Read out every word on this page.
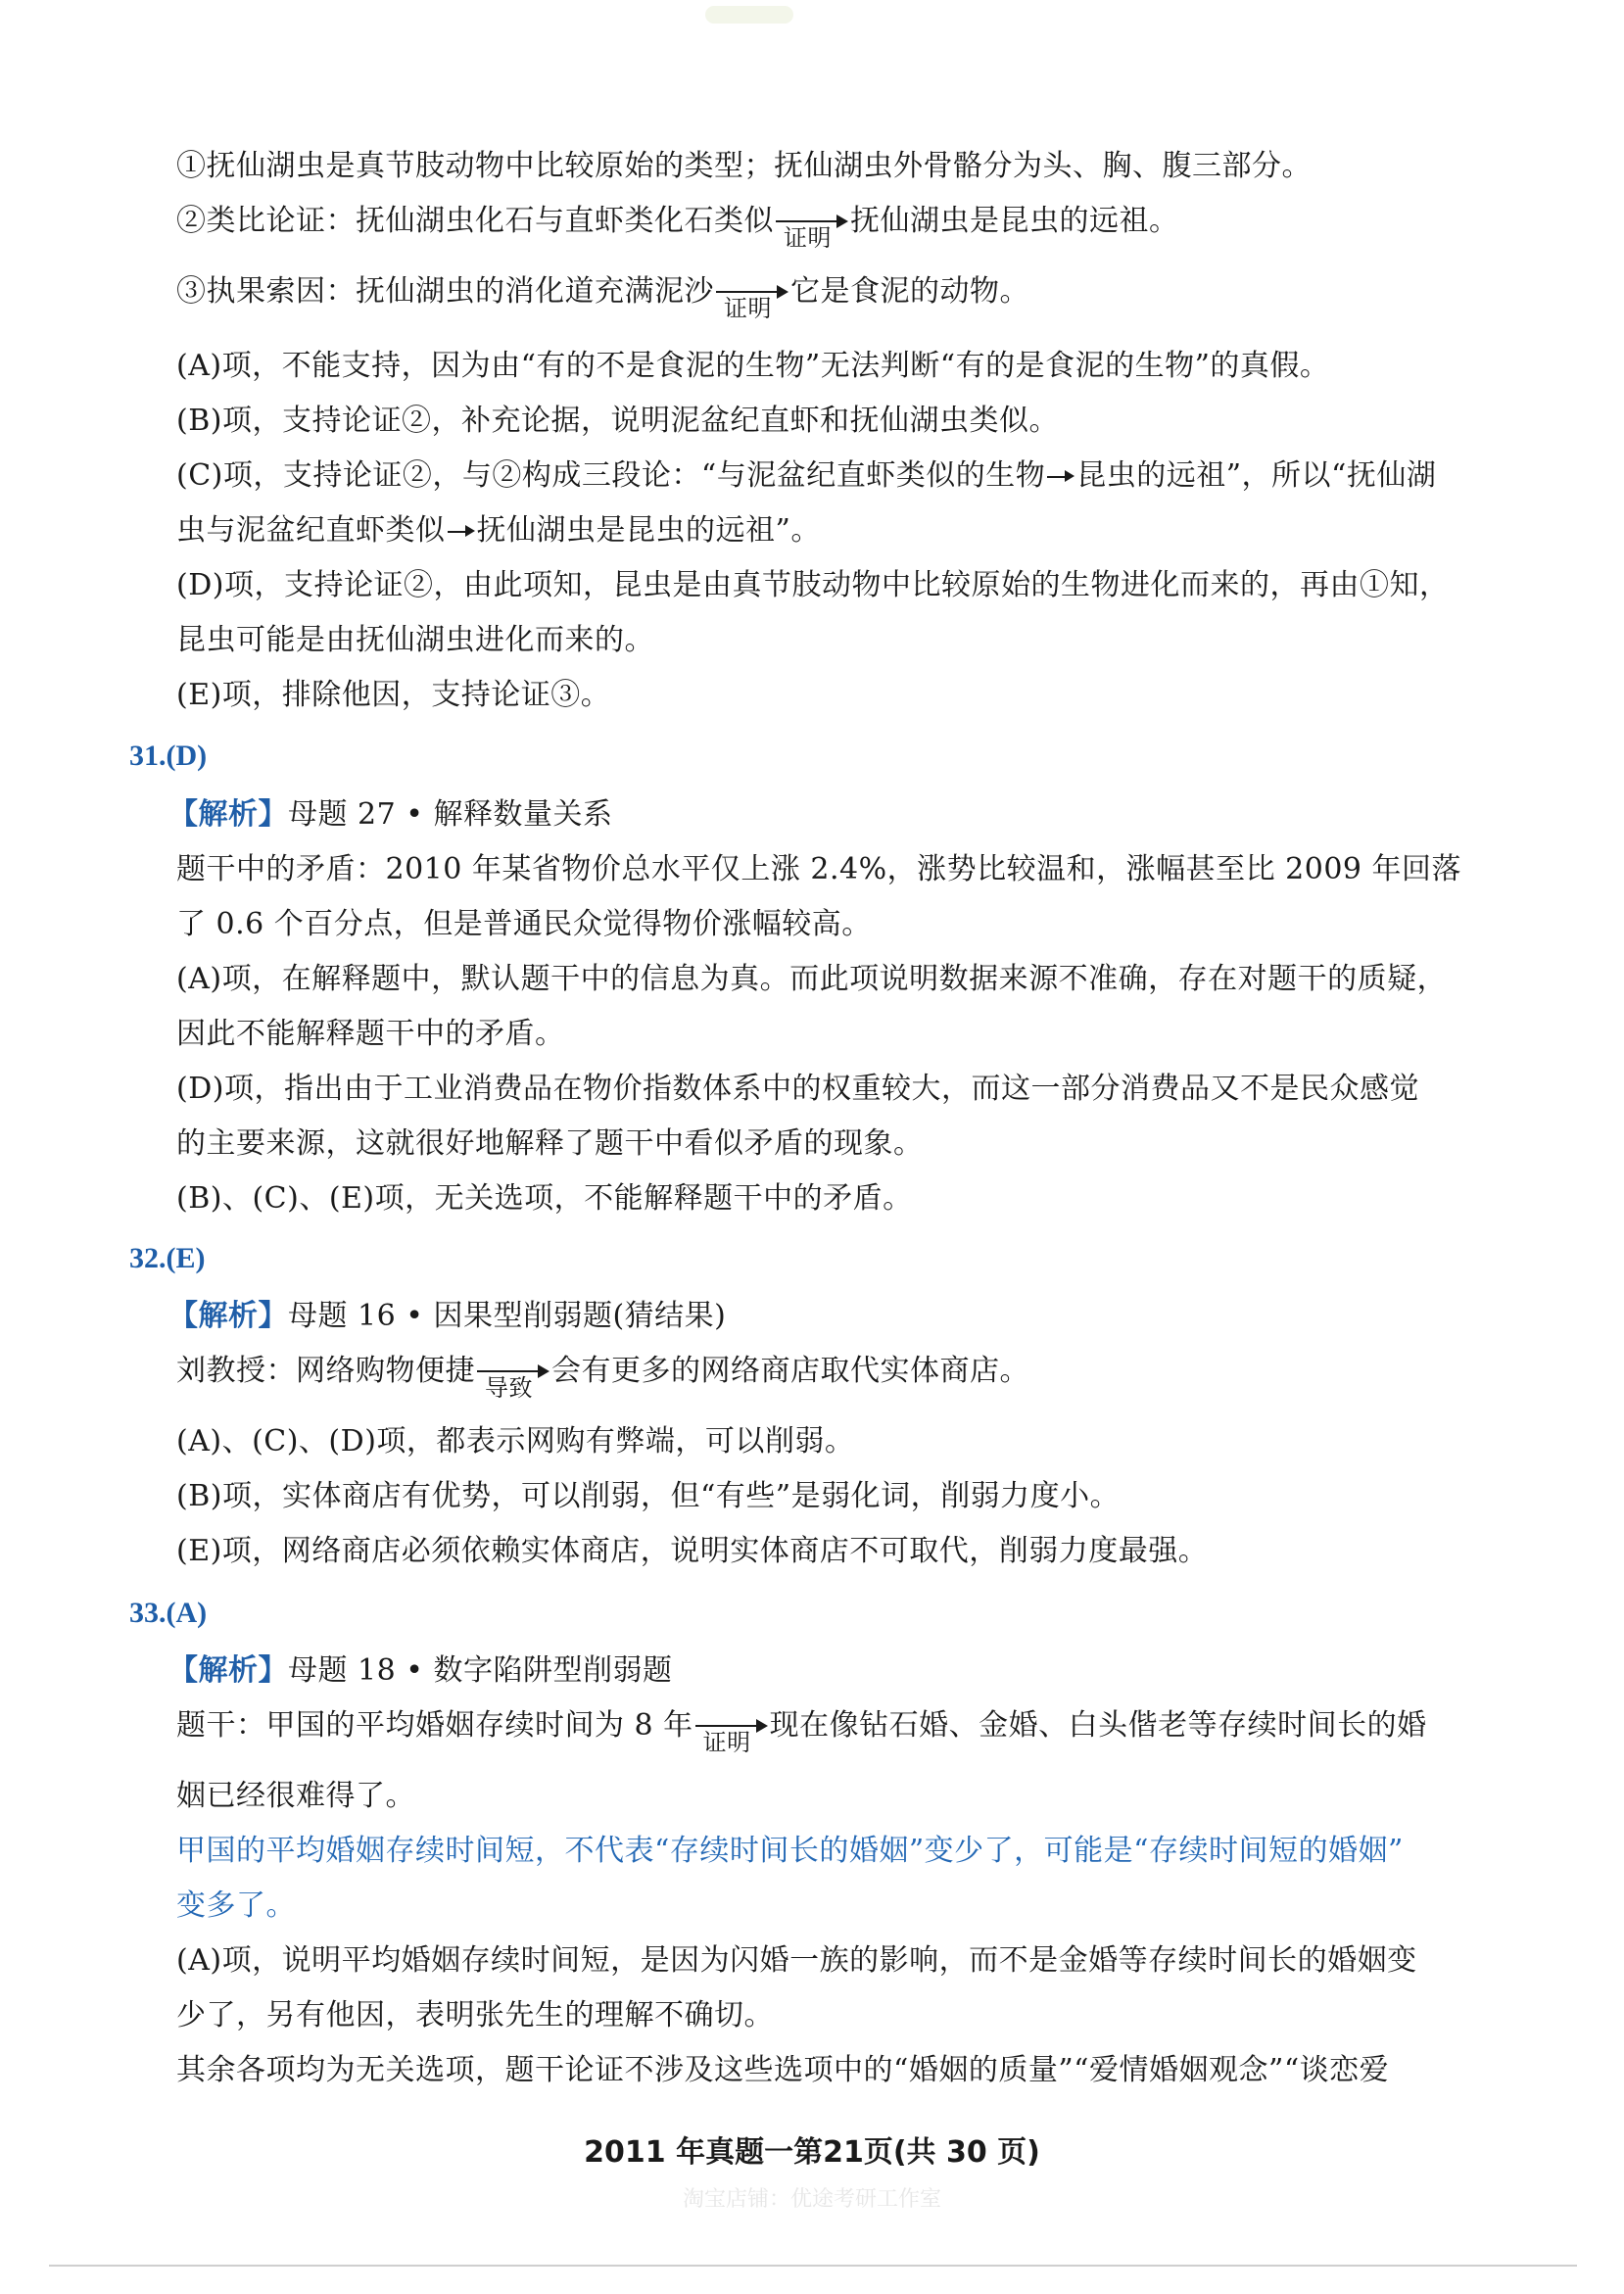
①抚仙湖虫是真节肢动物中比较原始的类型；抚仙湖虫外骨骼分为头、胸、腹三部分。
②类比论证：抚仙湖虫化石与直虾类化石类似 证明 抚仙湖虫是昆虫的远祖。
③执果索因：抚仙湖虫的消化道充满泥沙 证明 它是食泥的动物。
(A)项，不能支持，因为由“有的不是食泥的生物”无法判断“有的是食泥的生物”的真假。
(B)项，支持论证②，补充论据，说明泥盆纪直虾和抚仙湖虫类似。
(C)项，支持论证②，与②构成三段论：“与泥盆纪直虾类似的生物 昆虫的远祖”，所以“抚仙湖
虫与泥盆纪直虾类似 抚仙湖虫是昆虫的远祖”。
(D)项，支持论证②，由此项知，昆虫是由真节肢动物中比较原始的生物进化而来的，再由①知，
昆虫可能是由抚仙湖虫进化而来的。
(E)项，排除他因，支持论证③。
31.(D)
【解析】母题 27 • 解释数量关系
题干中的矛盾：2010 年某省物价总水平仅上涨 2.4%，涨势比较温和，涨幅甚至比 2009 年回落
了 0.6 个百分点，但是普通民众觉得物价涨幅较高。
(A)项，在解释题中，默认题干中的信息为真。而此项说明数据来源不准确，存在对题干的质疑，
因此不能解释题干中的矛盾。
(D)项，指出由于工业消费品在物价指数体系中的权重较大，而这一部分消费品又不是民众感觉
的主要来源，这就很好地解释了题干中看似矛盾的现象。
(B)、(C)、(E)项，无关选项，不能解释题干中的矛盾。
32.(E)
【解析】母题 16 • 因果型削弱题(猜结果)
刘教授：网络购物便捷 导致 会有更多的网络商店取代实体商店。
(A)、(C)、(D)项，都表示网购有弊端，可以削弱。
(B)项，实体商店有优势，可以削弱，但“有些”是弱化词，削弱力度小。
(E)项，网络商店必须依赖实体商店，说明实体商店不可取代，削弱力度最强。
33.(A)
【解析】母题 18 • 数字陷阱型削弱题
题干：甲国的平均婚姻存续时间为 8 年 证明 现在像钻石婚、金婚、白头偕老等存续时间长的婚
姻已经很难得了。
甲国的平均婚姻存续时间短，不代表“存续时间长的婚姻”变少了，可能是“存续时间短的婚姻”
变多了。
(A)项，说明平均婚姻存续时间短，是因为闪婚一族的影响，而不是金婚等存续时间长的婚姻变
少了，另有他因，表明张先生的理解不确切。
其余各项均为无关选项，题干论证不涉及这些选项中的“婚姻的质量”“爱情婚姻观念”“谈恋爱
2011 年真题一第21页(共 30 页)
淘宝店铺：优途考研工作室
